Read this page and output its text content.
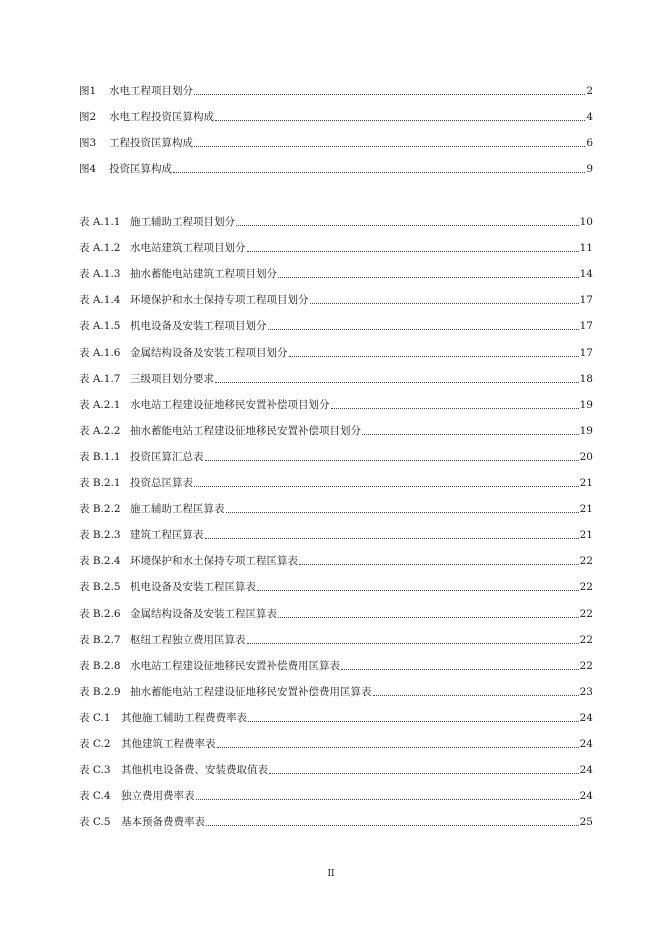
图1	水电工程项目划分	2
图2	水电工程投资匡算构成	4
图3	工程投资匡算构成	6
图4	投资匡算构成	9
表 A.1.1 施工辅助工程项目划分	10
表 A.1.2 水电站建筑工程项目划分	11
表 A.1.3 抽水蓄能电站建筑工程项目划分	14
表 A.1.4 环境保护和水土保持专项工程项目划分	17
表 A.1.5 机电设备及安装工程项目划分	17
表 A.1.6 金属结构设备及安装工程项目划分	17
表 A.1.7 三级项目划分要求	18
表 A.2.1 水电站工程建设征地移民安置补偿项目划分	19
表 A.2.2 抽水蓄能电站工程建设征地移民安置补偿项目划分	19
表 B.1.1 投资匡算汇总表	20
表 B.2.1 投资总匡算表	21
表 B.2.2 施工辅助工程匡算表	21
表 B.2.3 建筑工程匡算表	21
表 B.2.4 环境保护和水土保持专项工程匡算表	22
表 B.2.5 机电设备及安装工程匡算表	22
表 B.2.6 金属结构设备及安装工程匡算表	22
表 B.2.7 枢纽工程独立费用匡算表	22
表 B.2.8 水电站工程建设征地移民安置补偿费用匡算表	22
表 B.2.9 抽水蓄能电站工程建设征地移民安置补偿费用匡算表	23
表 C.1 其他施工辅助工程费费率表	24
表 C.2 其他建筑工程费率表	24
表 C.3 其他机电设备费、安装费取值表	24
表 C.4 独立费用费率表	24
表 C.5 基本预备费费率表	25
II
